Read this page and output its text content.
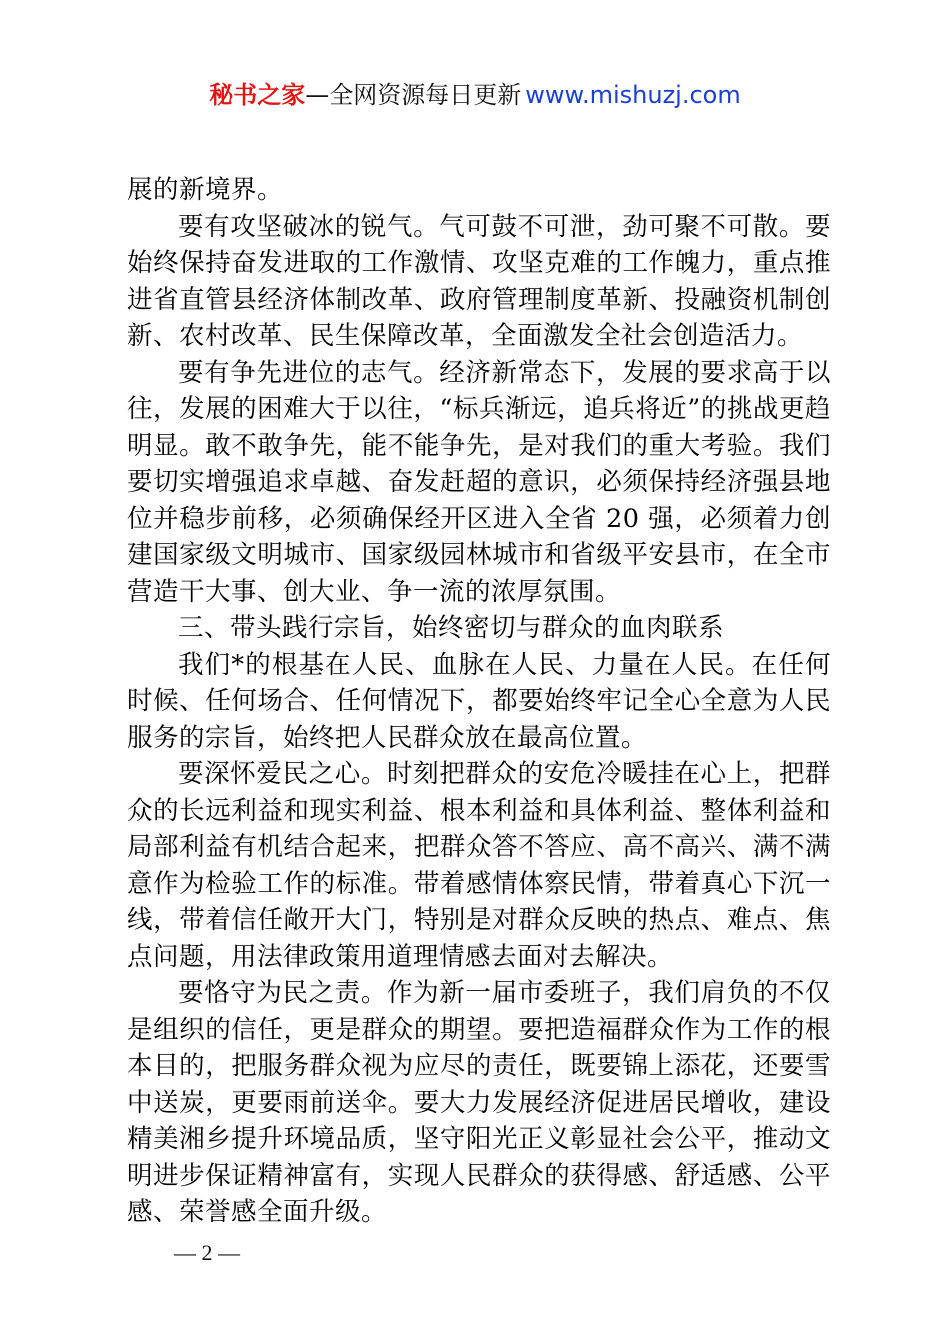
秘书之家—全网资源每日更新 www.mishuzj.com

展的新境界。

要有攻坚破冰的锐气。气可鼓不可泄，劲可聚不可散。要始终保持奋发进取的工作激情、攻坚克难的工作魄力，重点推进省直管县经济体制改革、政府管理制度革新、投融资机制创新、农村改革、民生保障改革，全面激发全社会创造活力。

要有争先进位的志气。经济新常态下，发展的要求高于以往，发展的困难大于以往，“标兵渐远，追兵将近”的挑战更趋明显。敢不敢争先，能不能争先，是对我们的重大考验。我们要切实增强追求卓越、奋发赶超的意识，必须保持经济强县地位并稳步前移，必须确保经开区进入全省 20 强，必须着力创建国家级文明城市、国家级园林城市和省级平安县市，在全市营造干大事、创大业、争一流的浓厚氛围。

三、带头践行宗旨，始终密切与群众的血肉联系

我们*的根基在人民、血脉在人民、力量在人民。在任何时候、任何场合、任何情况下，都要始终牢记全心全意为人民服务的宗旨，始终把人民群众放在最高位置。

要深怀爱民之心。时刻把群众的安危冷暖挂在心上，把群众的长远利益和现实利益、根本利益和具体利益、整体利益和局部利益有机结合起来，把群众答不答应、高不高兴、满不满意作为检验工作的标准。带着感情体察民情，带着真心下沉一线，带着信任敞开大门，特别是对群众反映的热点、难点、焦点问题，用法律政策用道理情感去面对去解决。

要恪守为民之责。作为新一届市委班子，我们肩负的不仅是组织的信任，更是群众的期望。要把造福群众作为工作的根本目的，把服务群众视为应尽的责任，既要锦上添花，还要雪中送炭，更要雨前送伞。要大力发展经济促进居民增收，建设精美湘乡提升环境品质，坚守阳光正义彰显社会公平，推动文明进步保证精神富有，实现人民群众的获得感、舒适感、公平感、荣誉感全面升级。

— 2 —
